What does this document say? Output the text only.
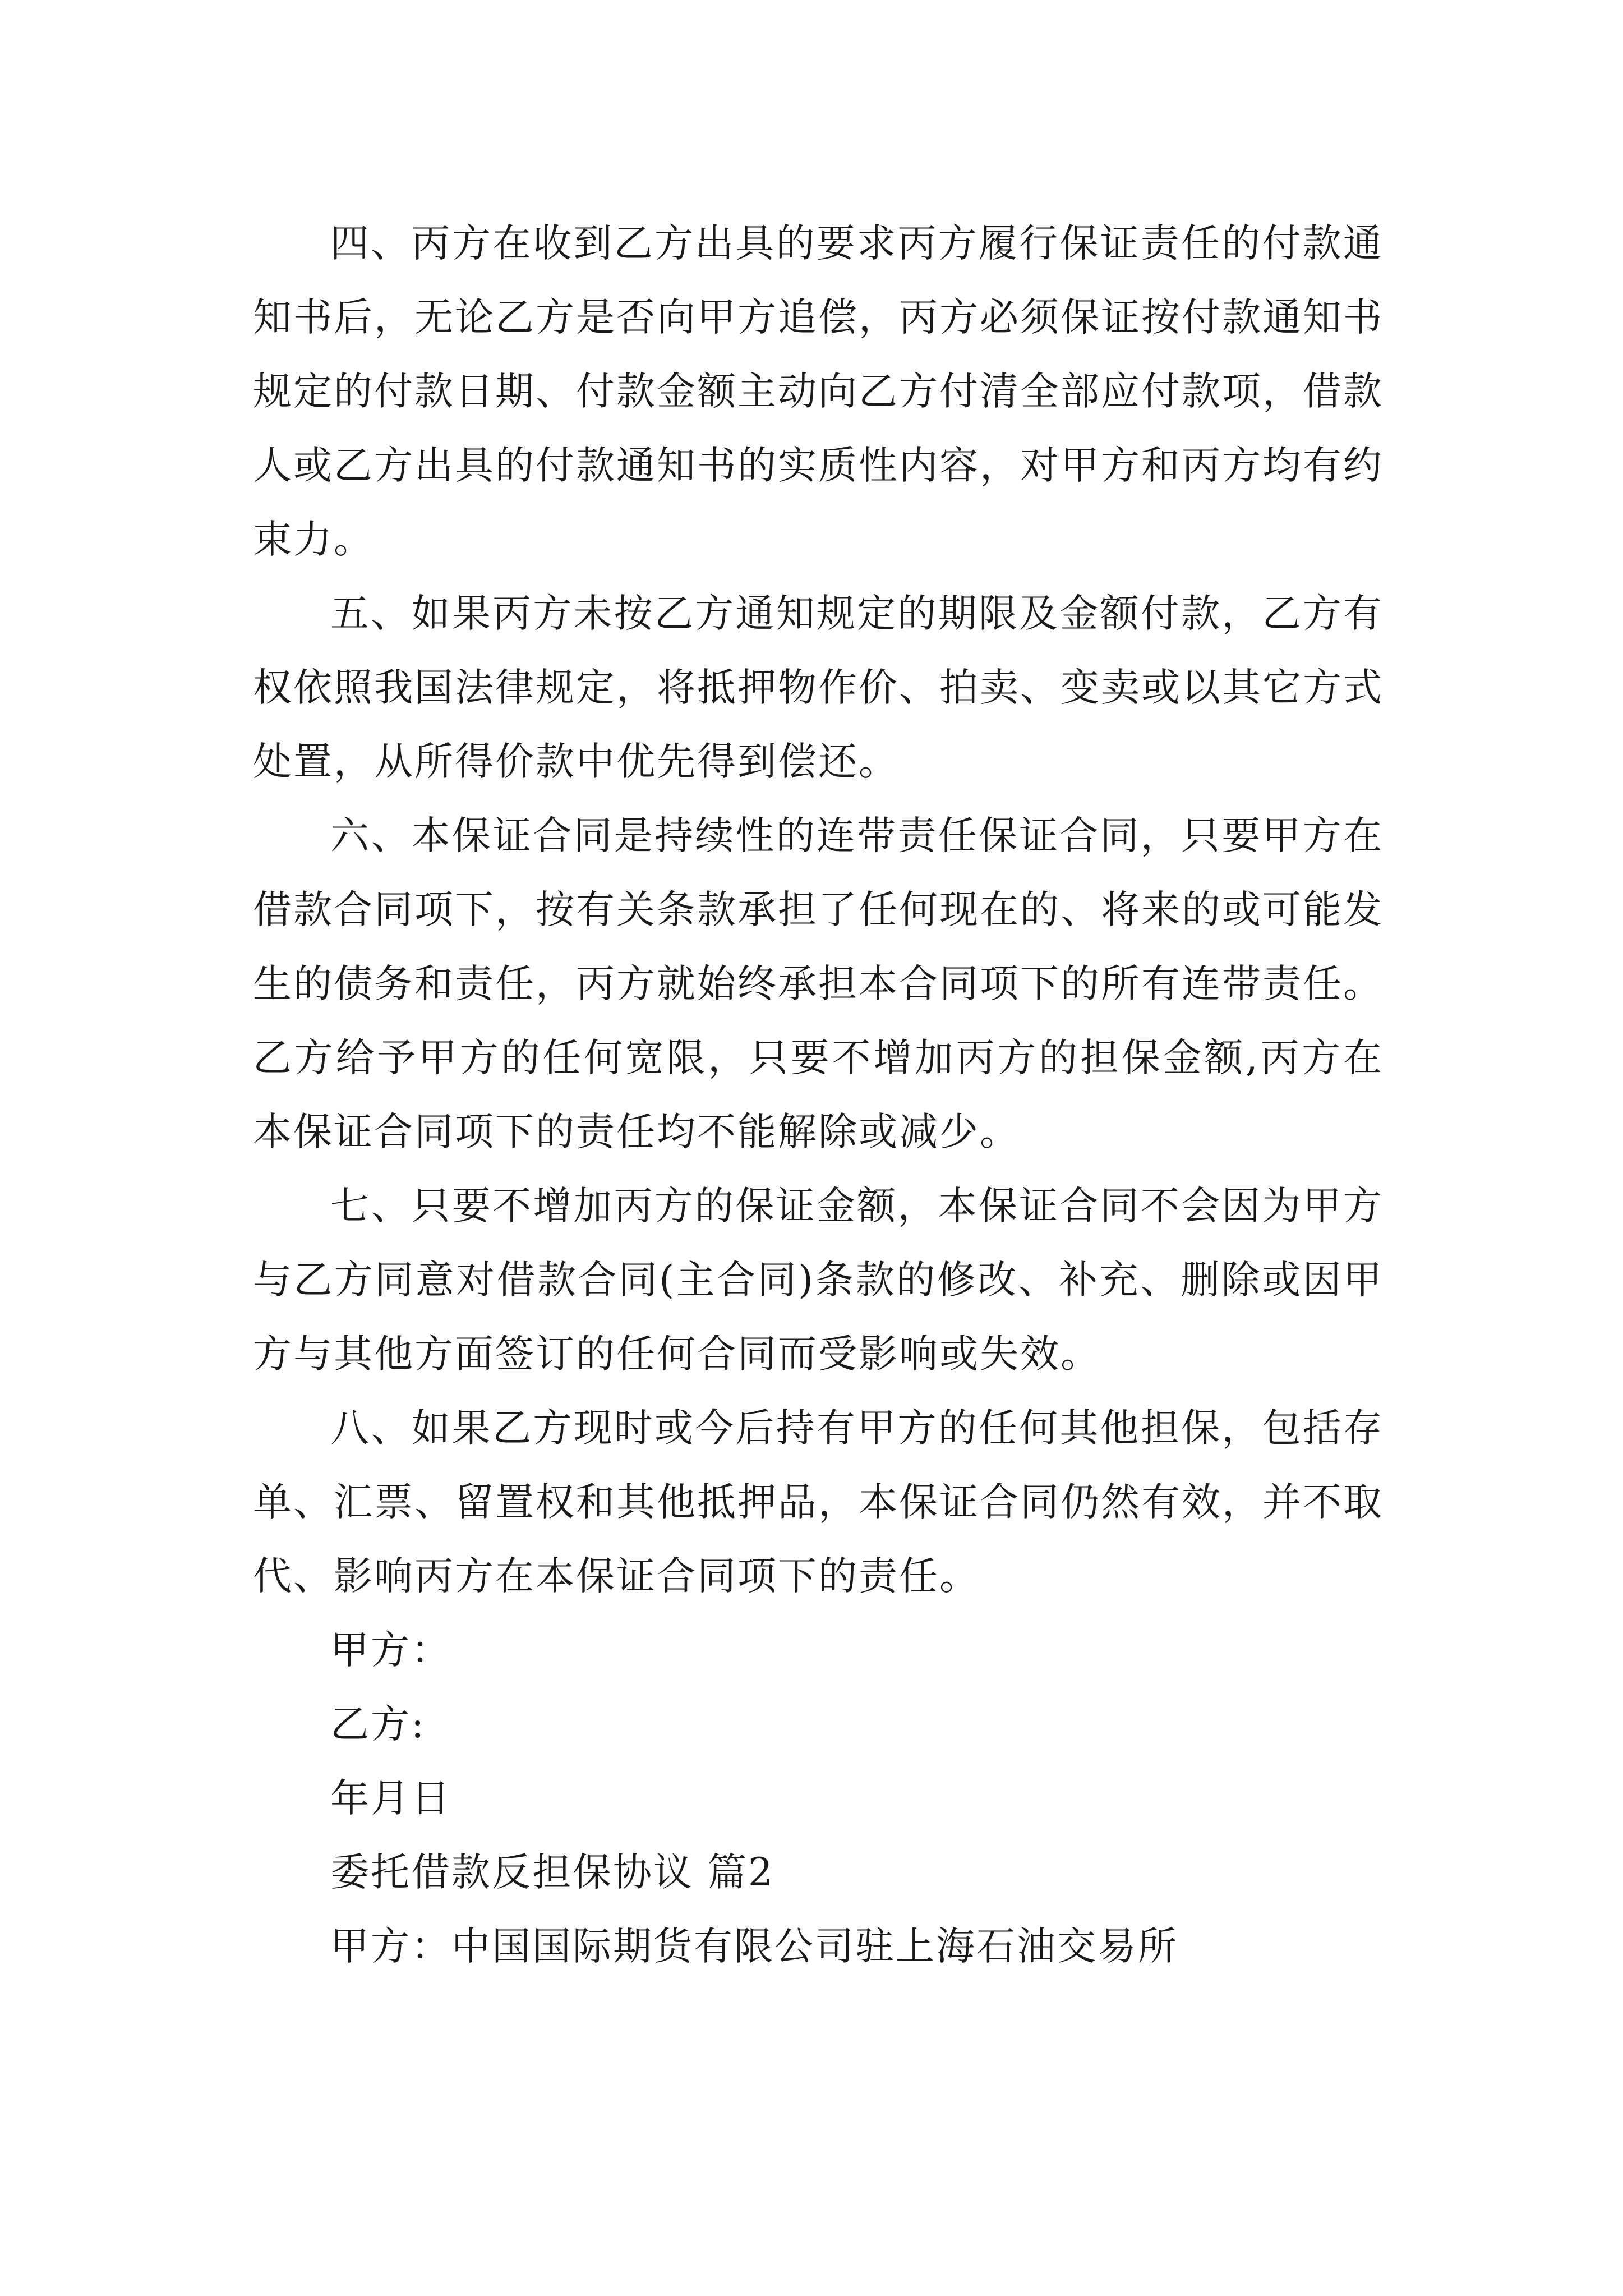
四、丙方在收到乙方出具的要求丙方履行保证责任的付款通知书后，无论乙方是否向甲方追偿，丙方必须保证按付款通知书规定的付款日期、付款金额主动向乙方付清全部应付款项，借款人或乙方出具的付款通知书的实质性内容，对甲方和丙方均有约束力。

五、如果丙方未按乙方通知规定的期限及金额付款，乙方有权依照我国法律规定，将抵押物作价、拍卖、变卖或以其它方式处置，从所得价款中优先得到偿还。

六、本保证合同是持续性的连带责任保证合同，只要甲方在借款合同项下，按有关条款承担了任何现在的、将来的或可能发生的债务和责任，丙方就始终承担本合同项下的所有连带责任。乙方给予甲方的任何宽限，只要不增加丙方的担保金额,丙方在本保证合同项下的责任均不能解除或减少。

七、只要不增加丙方的保证金额，本保证合同不会因为甲方与乙方同意对借款合同(主合同)条款的修改、补充、删除或因甲方与其他方面签订的任何合同而受影响或失效。

八、如果乙方现时或今后持有甲方的任何其他担保，包括存单、汇票、留置权和其他抵押品，本保证合同仍然有效，并不取代、影响丙方在本保证合同项下的责任。

甲方：

乙方:

年月日

委托借款反担保协议 篇2

甲方：中国国际期货有限公司驻上海石油交易所
